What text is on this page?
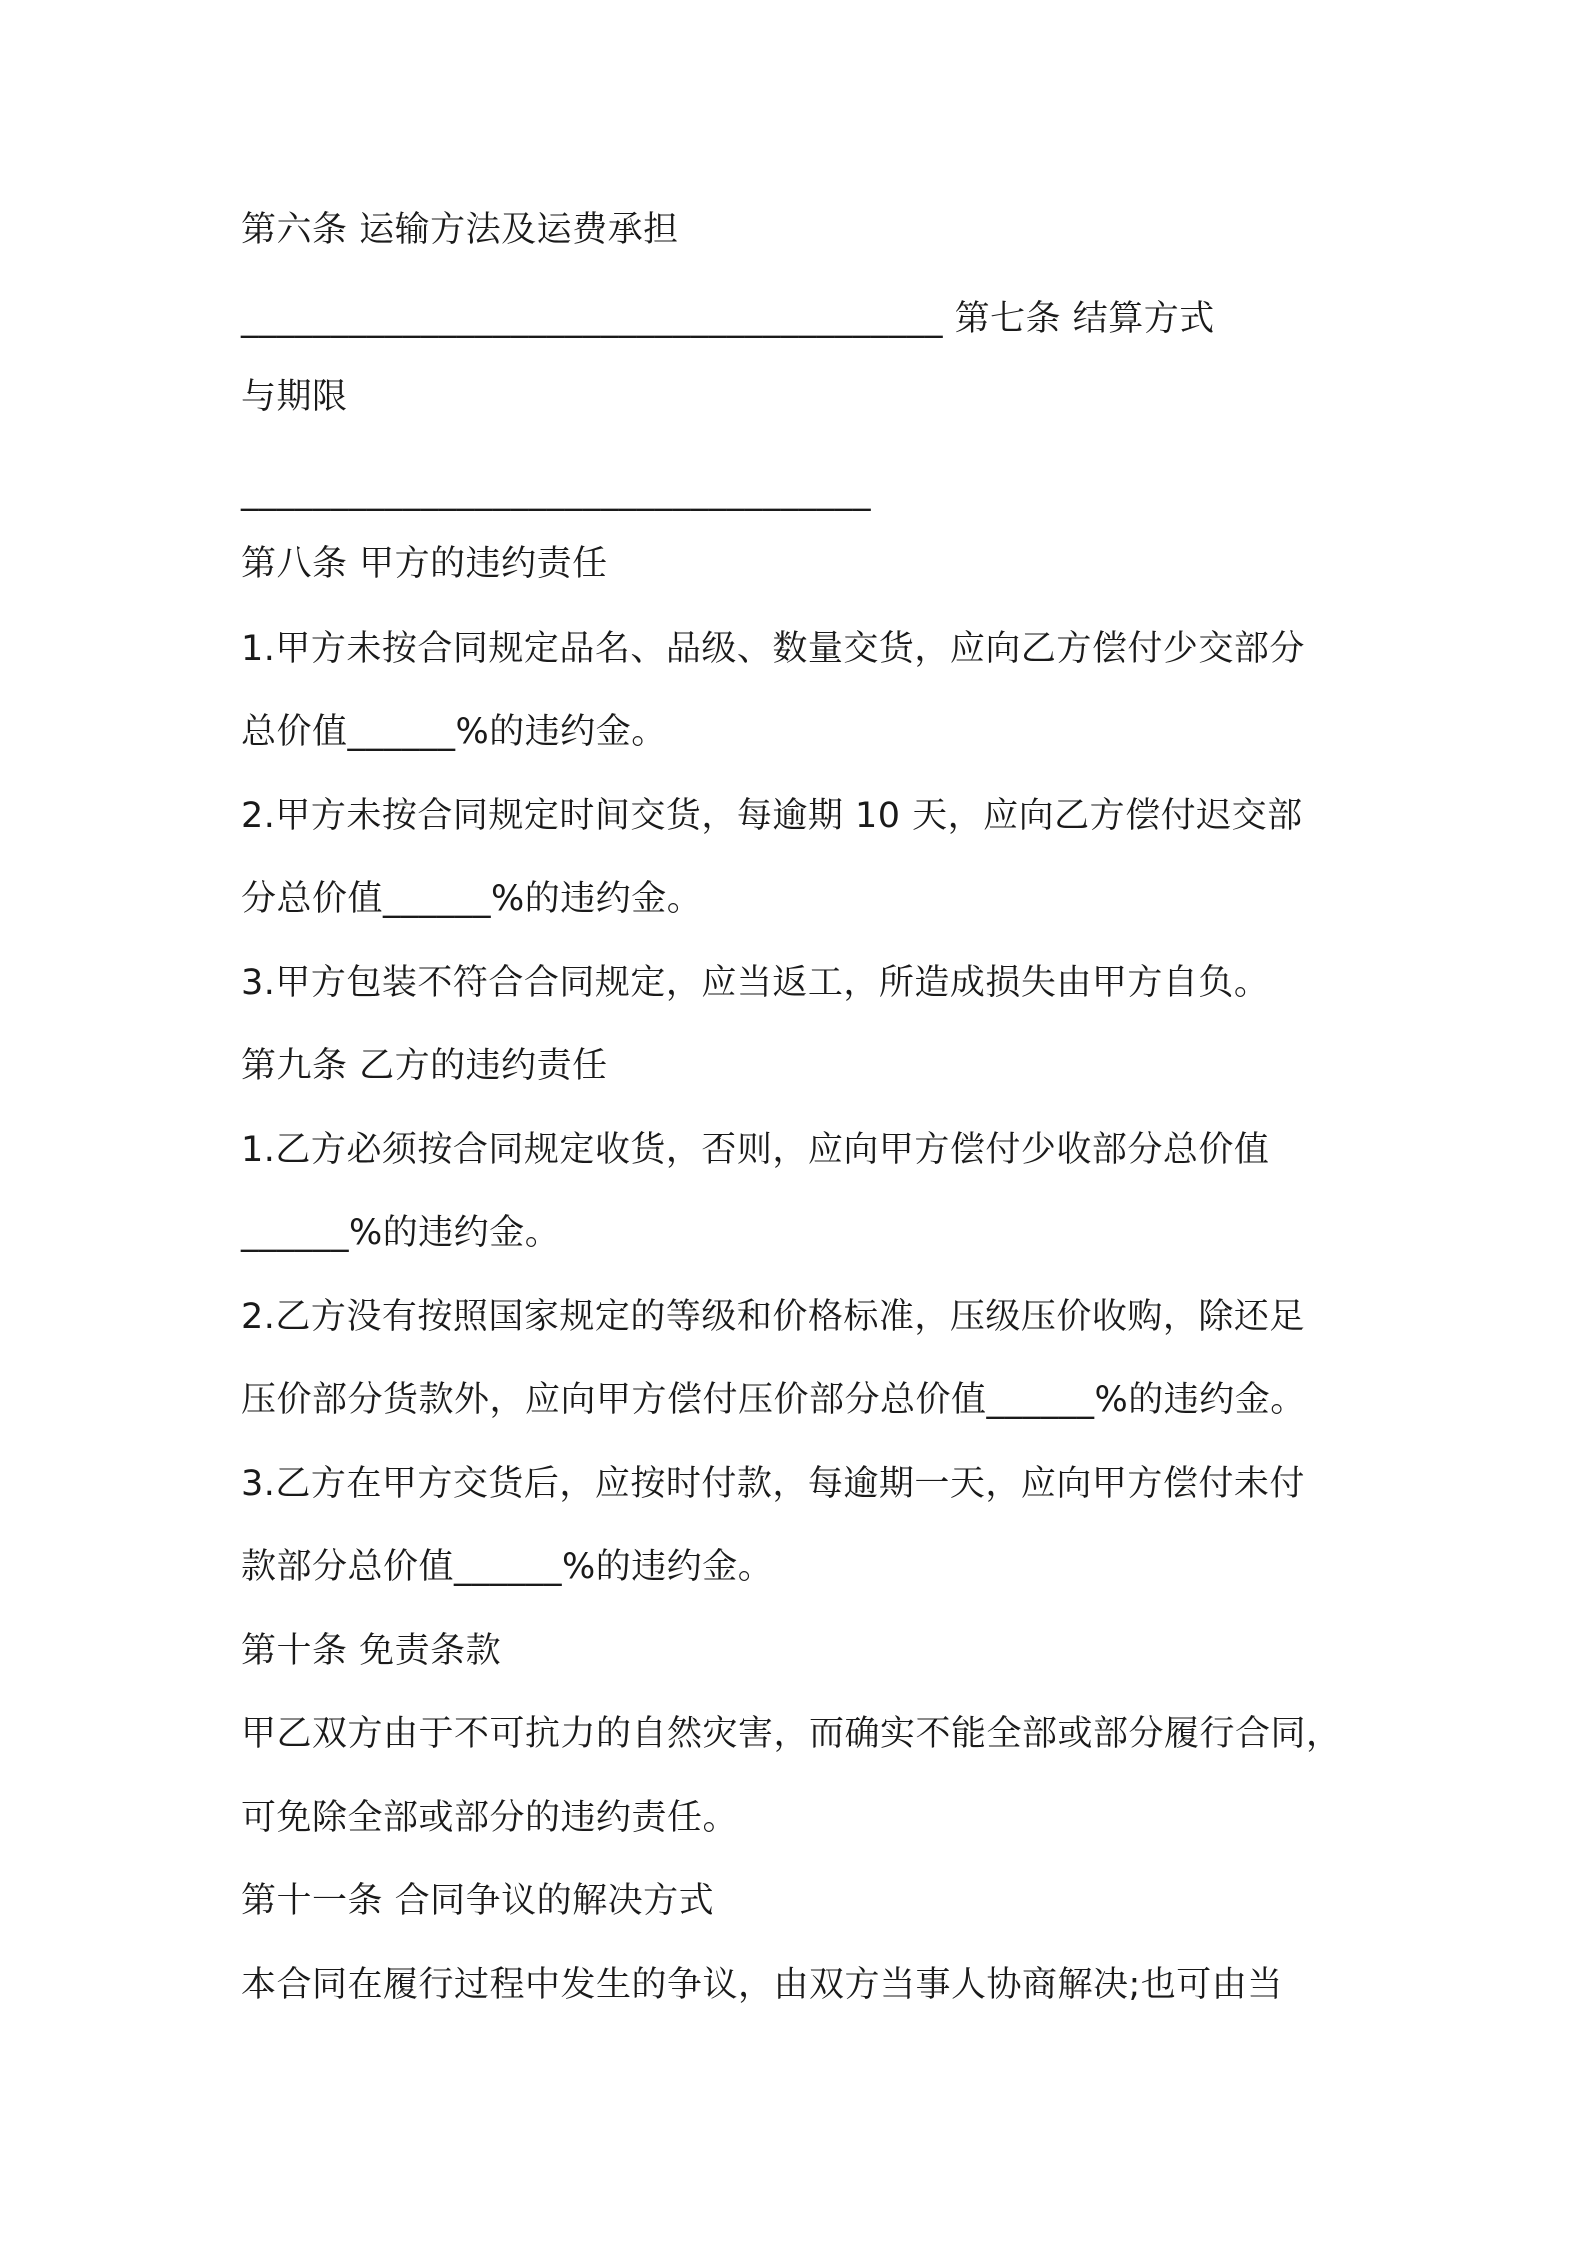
第六条 运输方法及运费承担
_______________________________________ 第七条 结算方式
与期限
___________________________________
第八条 甲方的违约责任
1.甲方未按合同规定品名、品级、数量交货，应向乙方偿付少交部分
总价值______%的违约金。
2.甲方未按合同规定时间交货，每逾期 10 天，应向乙方偿付迟交部
分总价值______%的违约金。
3.甲方包装不符合合同规定，应当返工，所造成损失由甲方自负。
第九条 乙方的违约责任
1.乙方必须按合同规定收货，否则，应向甲方偿付少收部分总价值
______%的违约金。
2.乙方没有按照国家规定的等级和价格标准，压级压价收购，除还足
压价部分货款外，应向甲方偿付压价部分总价值______%的违约金。
3.乙方在甲方交货后，应按时付款，每逾期一天，应向甲方偿付未付
款部分总价值______%的违约金。
第十条 免责条款
甲乙双方由于不可抗力的自然灾害，而确实不能全部或部分履行合同，
可免除全部或部分的违约责任。
第十一条 合同争议的解决方式
本合同在履行过程中发生的争议，由双方当事人协商解决;也可由当
